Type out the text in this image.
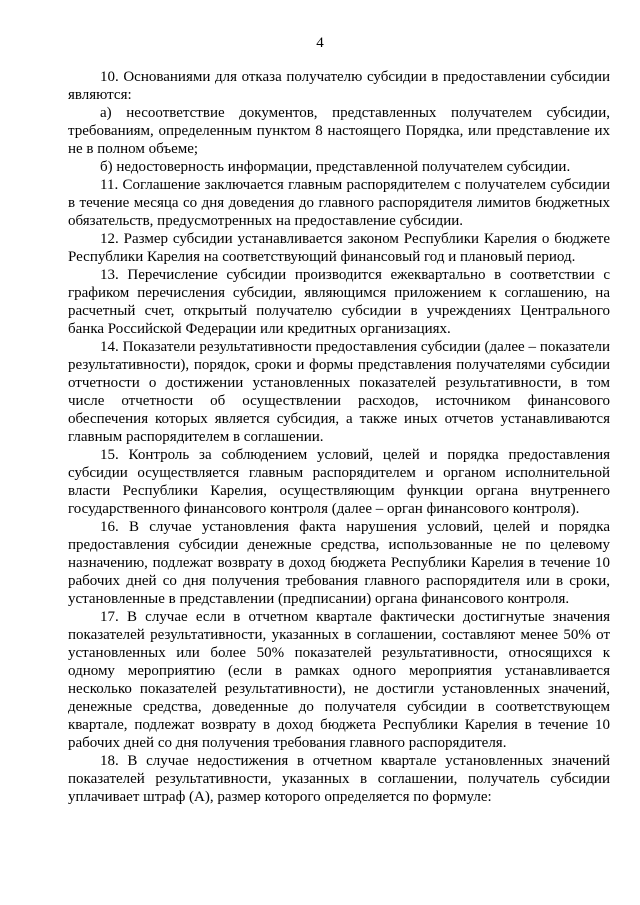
4

10. Основаниями для отказа получателю субсидии в предоставлении субсидии являются:

а) несоответствие документов, представленных получателем субсидии, требованиям, определенным пунктом 8 настоящего Порядка, или представление их не в полном объеме;

б) недостоверность информации, представленной получателем субсидии.

11. Соглашение заключается главным распорядителем с получателем субсидии в течение месяца со дня доведения до главного распорядителя лимитов бюджетных обязательств, предусмотренных на предоставление субсидии.

12. Размер субсидии устанавливается законом Республики Карелия о бюджете Республики Карелия на соответствующий финансовый год и плановый период.

13. Перечисление субсидии производится ежеквартально в соответствии с графиком перечисления субсидии, являющимся приложением к соглашению, на расчетный счет, открытый получателю субсидии в учреждениях Центрального банка Российской Федерации или кредитных организациях.

14. Показатели результативности предоставления субсидии (далее – показатели результативности), порядок, сроки и формы представления получателями субсидии отчетности о достижении установленных показателей результативности, в том числе отчетности об осуществлении расходов, источником финансового обеспечения которых является субсидия, а также иных отчетов устанавливаются главным распорядителем в соглашении.

15. Контроль за соблюдением условий, целей и порядка предоставления субсидии осуществляется главным распорядителем и органом исполнительной власти Республики Карелия, осуществляющим функции органа внутреннего государственного финансового контроля (далее – орган финансового контроля).

16. В случае установления факта нарушения условий, целей и порядка предоставления субсидии денежные средства, использованные не по целевому назначению, подлежат возврату в доход бюджета Республики Карелия в течение 10 рабочих дней со дня получения требования главного распорядителя или в сроки, установленные в представлении (предписании) органа финансового контроля.

17. В случае если в отчетном квартале фактически достигнутые значения показателей результативности, указанных в соглашении, составляют менее 50% от установленных или более 50% показателей результативности, относящихся к одному мероприятию (если в рамках одного мероприятия устанавливается несколько показателей результативности), не достигли установленных значений, денежные средства, доведенные до получателя субсидии в соответствующем квартале, подлежат возврату в доход бюджета Республики Карелия в течение 10 рабочих дней со дня получения требования главного распорядителя.

18. В случае недостижения в отчетном квартале установленных значений показателей результативности, указанных в соглашении, получатель субсидии уплачивает штраф (А), размер которого определяется по формуле:
